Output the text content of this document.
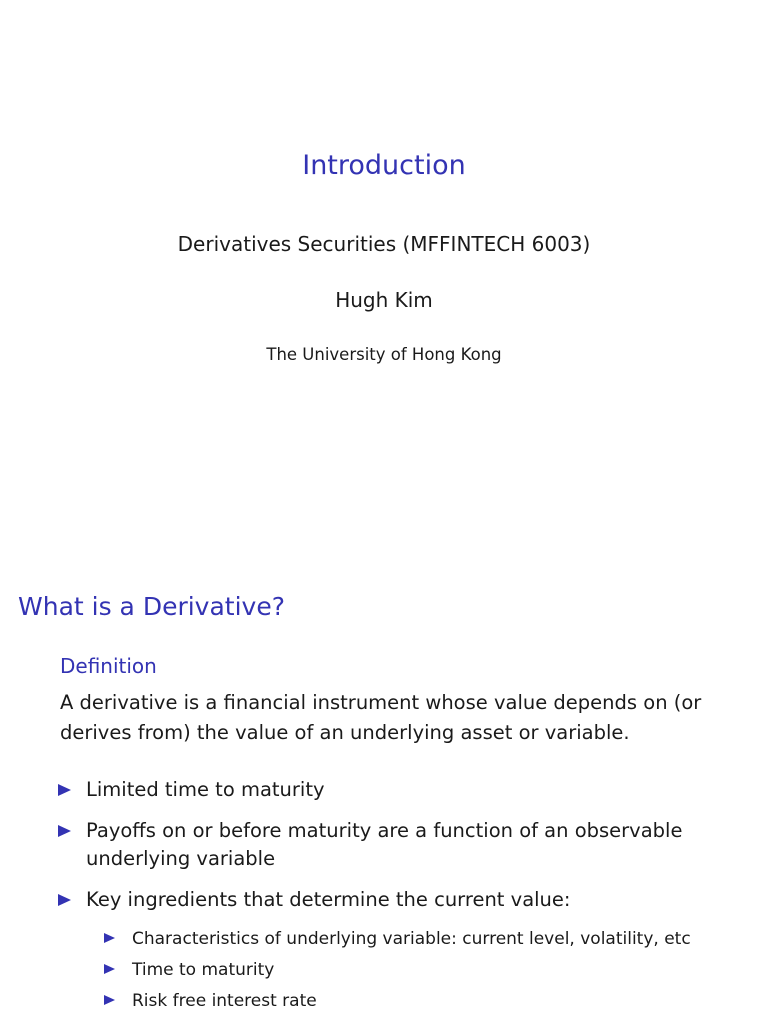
Introduction
Derivatives Securities (MFFINTECH 6003)
Hugh Kim
The University of Hong Kong
What is a Derivative?
Definition
A derivative is a financial instrument whose value depends on (or derives from) the value of an underlying asset or variable.
Limited time to maturity
Payoffs on or before maturity are a function of an observable underlying variable
Key ingredients that determine the current value:
Characteristics of underlying variable: current level, volatility, etc
Time to maturity
Risk free interest rate
